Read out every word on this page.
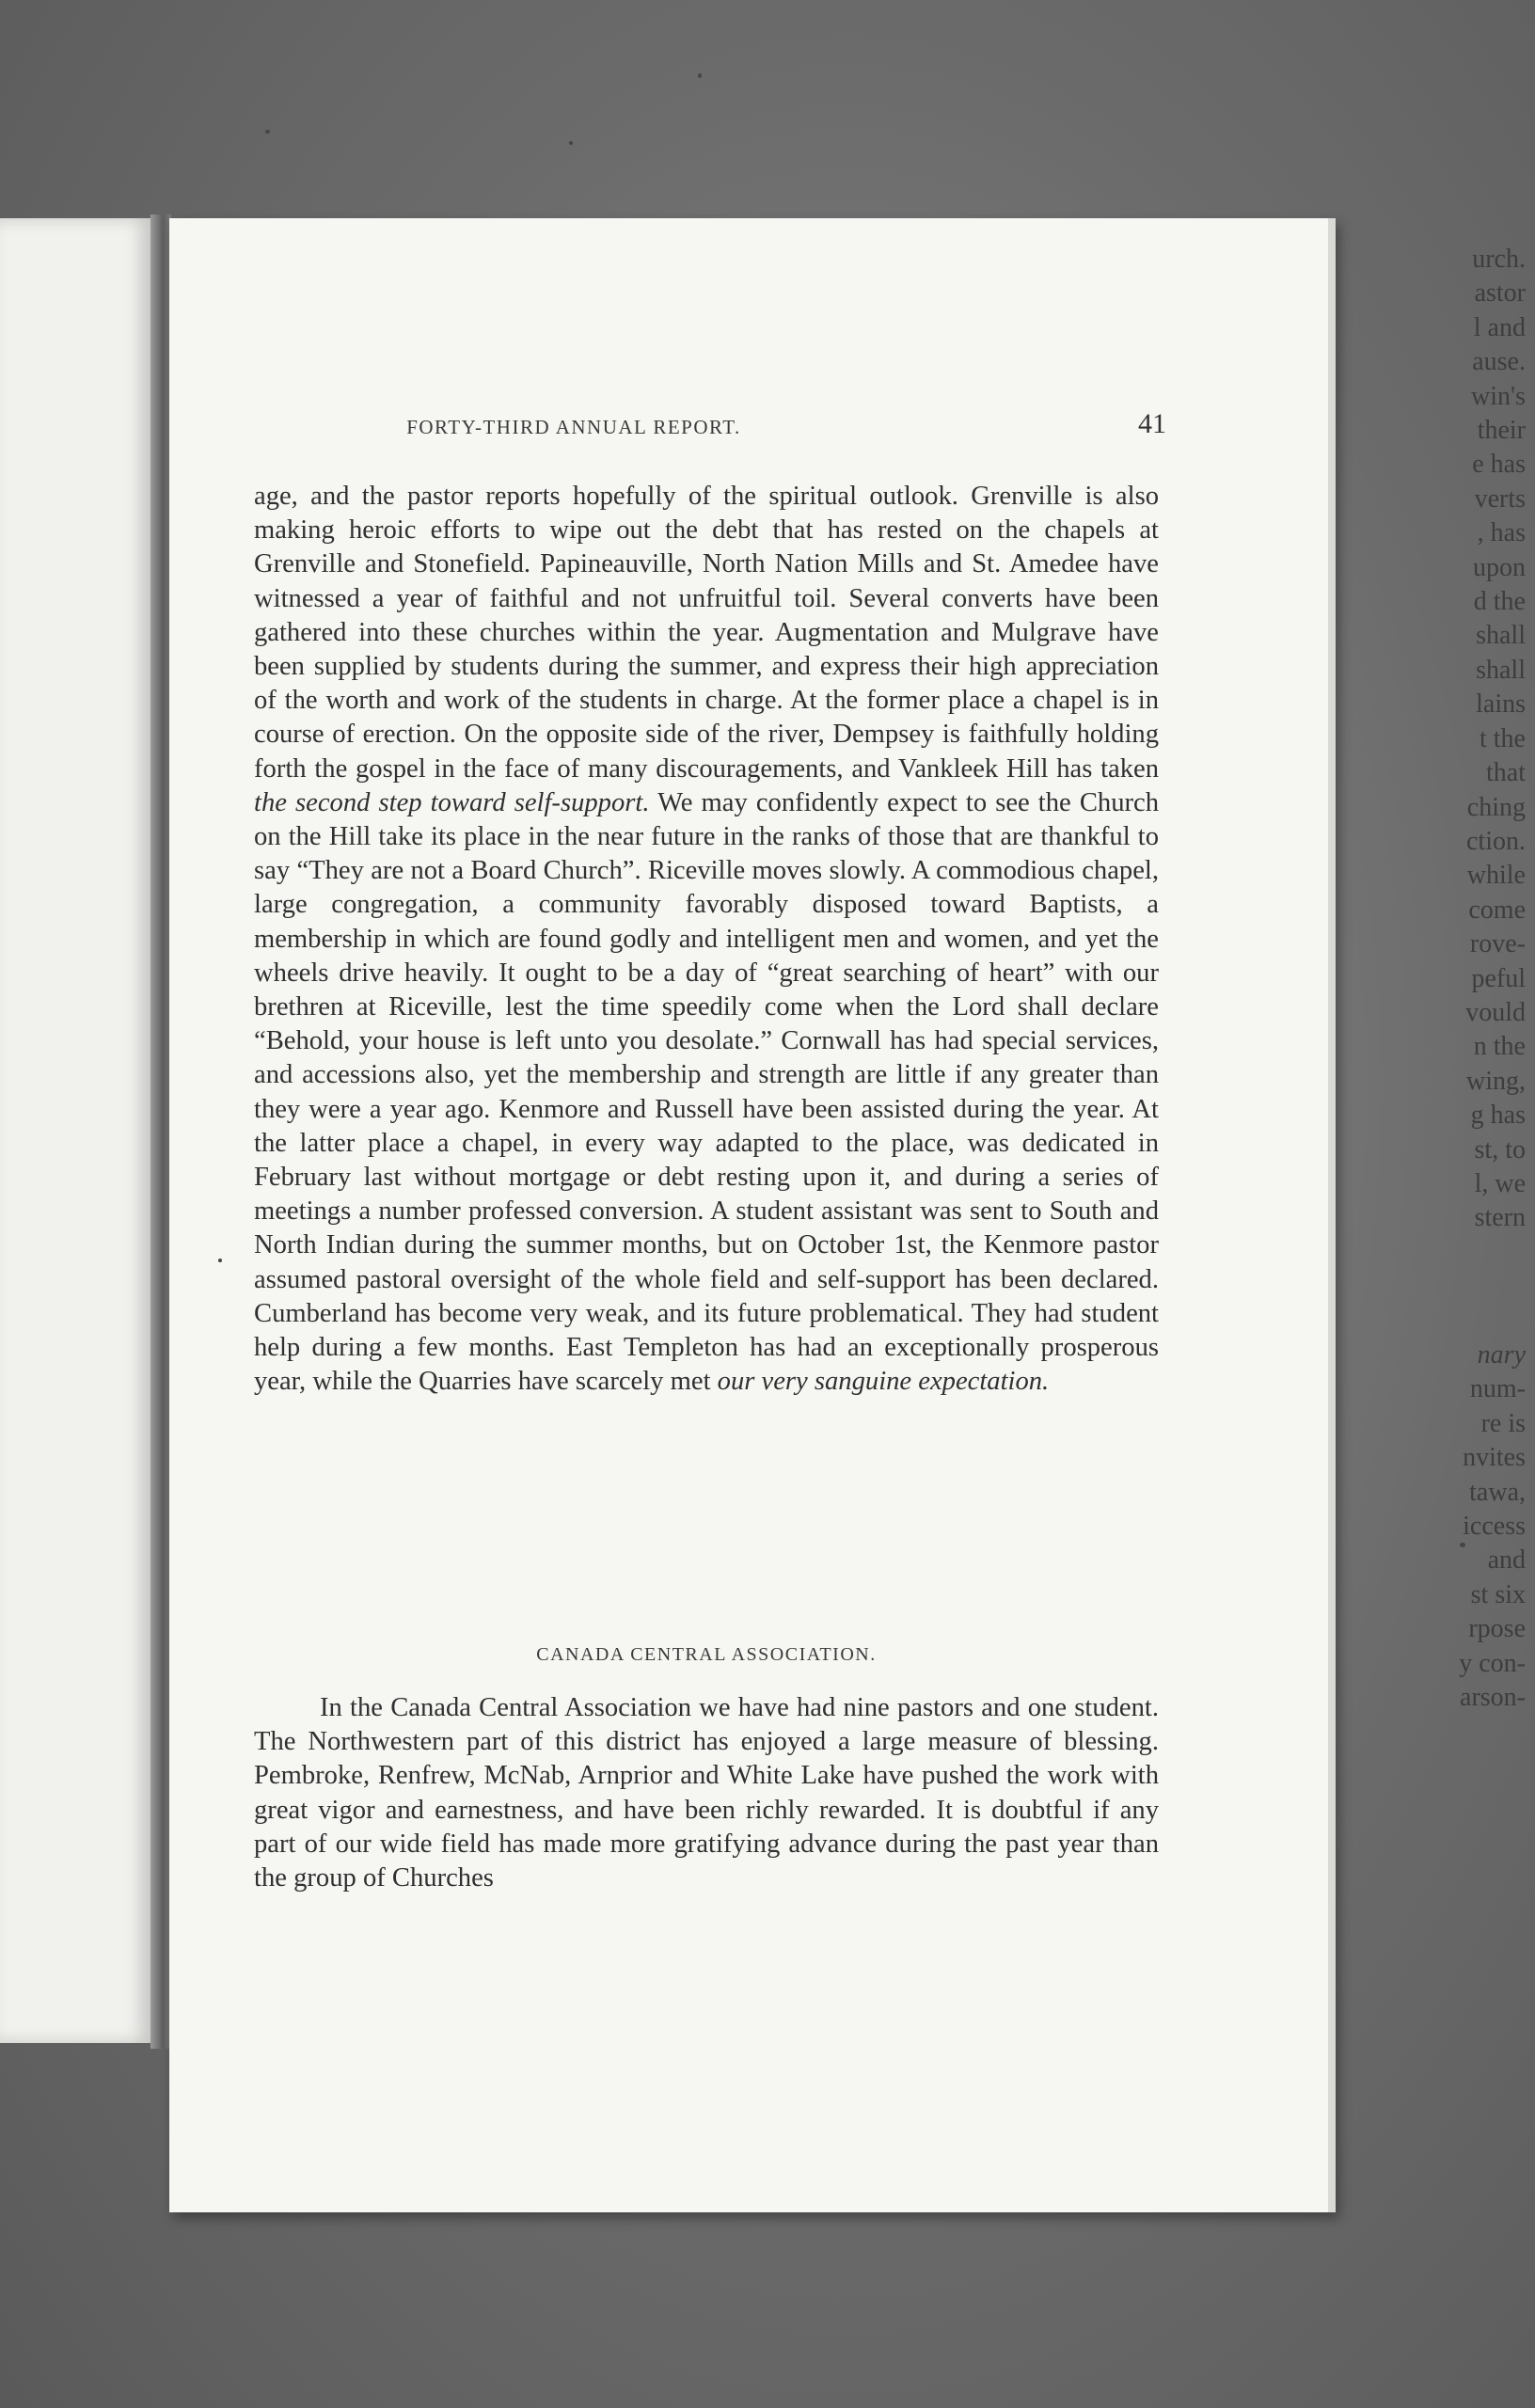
urch.
astor
l and
ause.
win's
their
e has
verts
, has
upon
d the
shall
shall
lains
t the
that
ching
ction.
while
come
rove-
peful
vould
n the
wing,
g has
st, to
l, we
stern
nary
num-
re is
nvites
tawa,
iccess
and
st six
rpose
y con-
arson-
FORTY-THIRD ANNUAL REPORT.	41

age, and the pastor reports hopefully of the spiritual outlook. Grenville is also making heroic efforts to wipe out the debt that has rested on the chapels at Grenville and Stonefield. Papineauville, North Nation Mills and St. Amedee have witnessed a year of faithful and not unfruitful toil. Several converts have been gathered into these churches within the year. Augmentation and Mulgrave have been supplied by students during the summer, and express their high appreciation of the worth and work of the students in charge. At the former place a chapel is in course of erection. On the opposite side of the river, Dempsey is faithfully holding forth the gospel in the face of many discouragements, and Vankleek Hill has taken the second step toward self-support. We may confidently expect to see the Church on the Hill take its place in the near future in the ranks of those that are thankful to say “They are not a Board Church”. Riceville moves slowly. A commodious chapel, large congregation, a community favorably disposed toward Baptists, a membership in which are found godly and intelligent men and women, and yet the wheels drive heavily. It ought to be a day of “great searching of heart” with our brethren at Riceville, lest the time speedily come when the Lord shall declare “Behold, your house is left unto you desolate.” Cornwall has had special services, and accessions also, yet the membership and strength are little if any greater than they were a year ago. Kenmore and Russell have been assisted during the year. At the latter place a chapel, in every way adapted to the place, was dedicated in February last without mortgage or debt resting upon it, and during a series of meetings a number professed conversion. A student assistant was sent to South and North Indian during the summer months, but on October 1st, the Kenmore pastor assumed pastoral oversight of the whole field and self-support has been declared. Cumberland has become very weak, and its future problematical. They had student help during a few months. East Templeton has had an exceptionally prosperous year, while the Quarries have scarcely met our very sanguine expectation.

CANADA CENTRAL ASSOCIATION.

In the Canada Central Association we have had nine pastors and one student. The Northwestern part of this district has enjoyed a large measure of blessing. Pembroke, Renfrew, McNab, Arnprior and White Lake have pushed the work with great vigor and earnestness, and have been richly rewarded. It is doubtful if any part of our wide field has made more gratifying advance during the past year than the group of Churches
